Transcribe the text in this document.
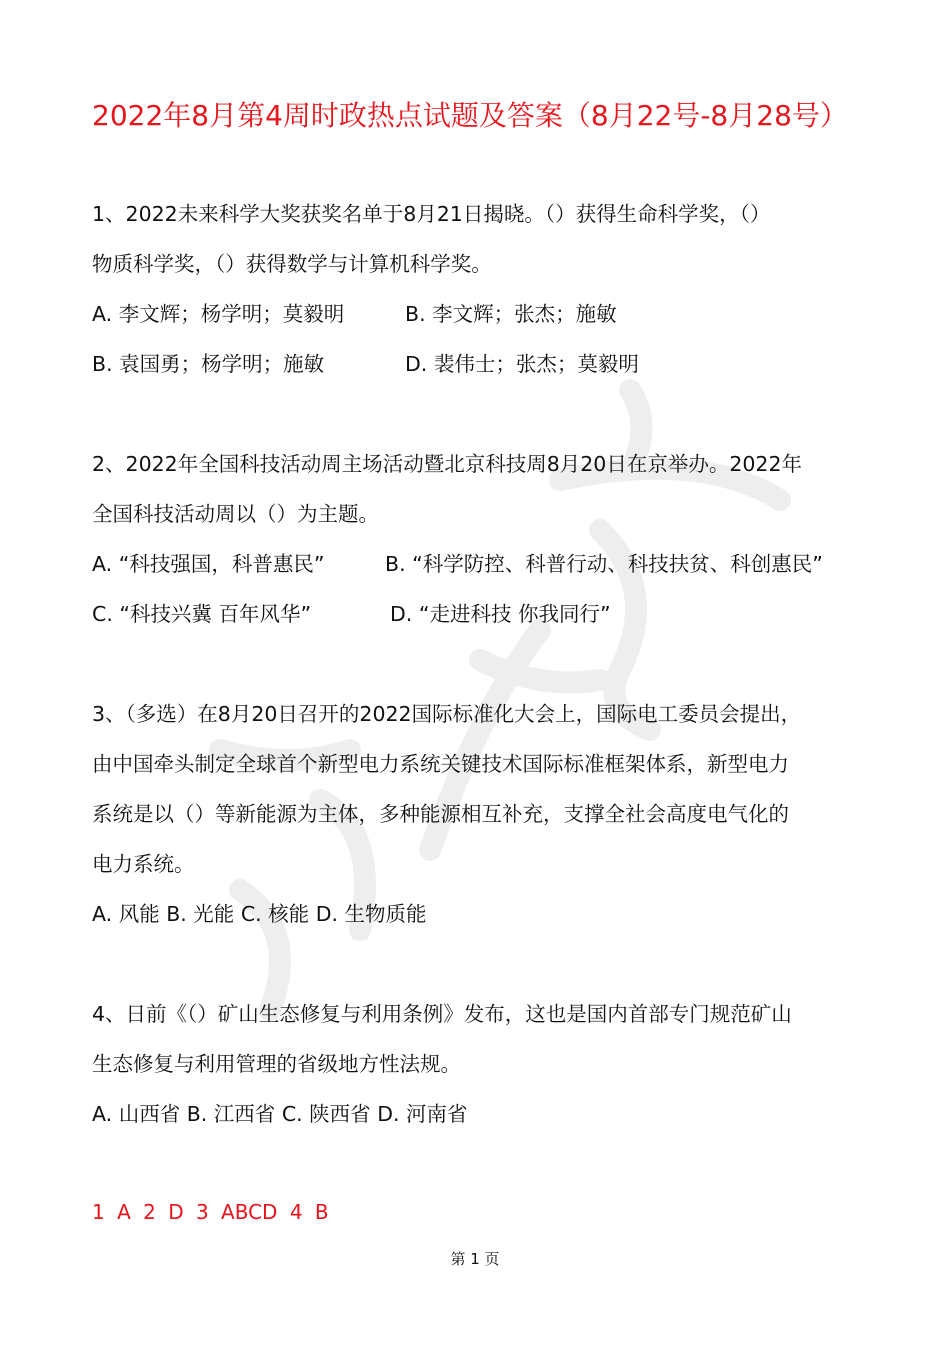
2022年8月第4周时政热点试题及答案（8月22号-8月28号）

1、2022未来科学大奖获奖名单于8月21日揭晓。（）获得生命科学奖，（）

物质科学奖，（）获得数学与计算机科学奖。

A. 李文辉；杨学明；莫毅明	B. 李文辉；张杰；施敏
B. 袁国勇；杨学明；施敏	D. 裴伟士；张杰；莫毅明

2、2022年全国科技活动周主场活动暨北京科技周8月20日在京举办。2022年

全国科技活动周以（）为主题。

A. “科技强国，科普惠民”	B. “科学防控、科普行动、科技扶贫、科创惠民”
C. “科技兴冀 百年风华”	D. “走进科技 你我同行”

3、（多选）在8月20日召开的2022国际标准化大会上，国际电工委员会提出，

由中国牵头制定全球首个新型电力系统关键技术国际标准框架体系，新型电力

系统是以（）等新能源为主体，多种能源相互补充，支撑全社会高度电气化的

电力系统。

A. 风能 B. 光能 C. 核能 D. 生物质能

4、日前《（）矿山生态修复与利用条例》发布，这也是国内首部专门规范矿山

生态修复与利用管理的省级地方性法规。

A. 山西省 B. 江西省 C. 陕西省 D. 河南省

1 A 2 D 3 ABCD 4 B
第 1 页
